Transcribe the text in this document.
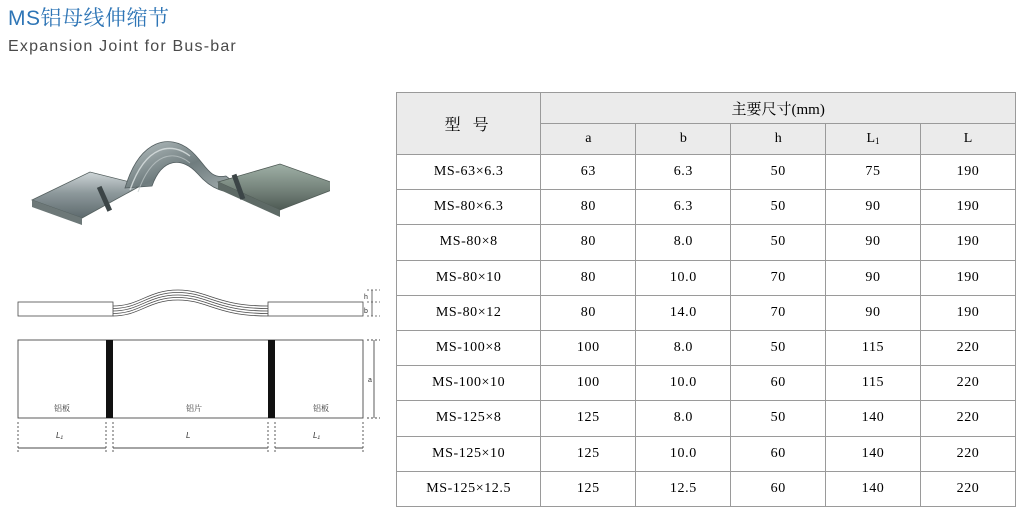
MS铝母线伸缩节
Expansion Joint for Bus-bar
h
b
a
铝板	铝片	铝板
L₁	L	L₁
型 号	主要尺寸(mm)				
	a	b	h	$L_1$	L
MS-63×6.3	63	6.3	50	75	190
MS-80×6.3	80	6.3	50	90	190
MS-80×8	80	8.0	50	90	190
MS-80×10	80	10.0	70	90	190
MS-80×12	80	14.0	70	90	190
MS-100×8	100	8.0	50	115	220
MS-100×10	100	10.0	60	115	220
MS-125×8	125	8.0	50	140	220
MS-125×10	125	10.0	60	140	220
MS-125×12.5	125	12.5	60	140	220
